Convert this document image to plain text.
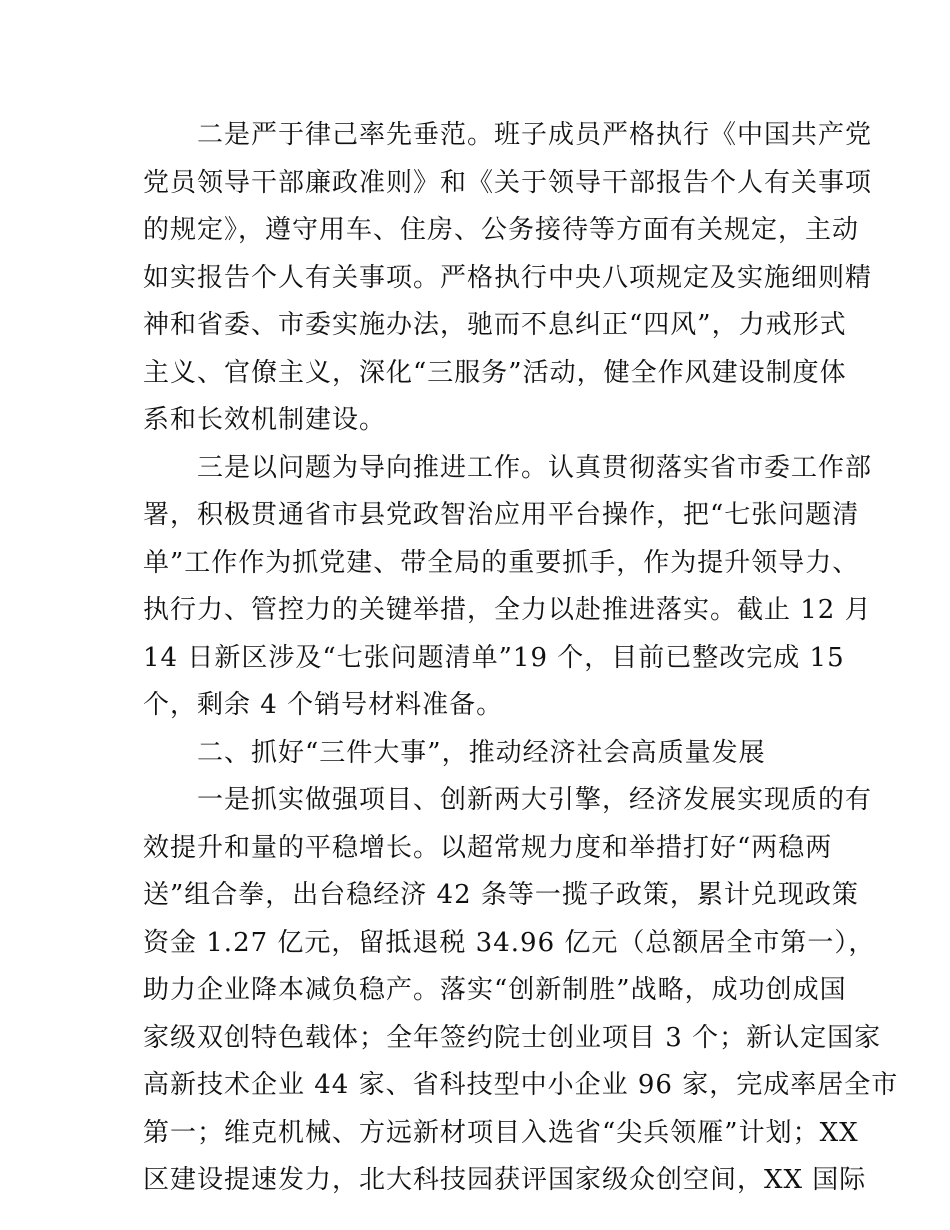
二是严于律己率先垂范。班子成员严格执行《中国共产党
党员领导干部廉政准则》和《关于领导干部报告个人有关事项
的规定》，遵守用车、住房、公务接待等方面有关规定，主动
如实报告个人有关事项。严格执行中央八项规定及实施细则精
神和省委、市委实施办法，驰而不息纠正“四风”，力戒形式
主义、官僚主义，深化“三服务”活动，健全作风建设制度体
系和长效机制建设。
三是以问题为导向推进工作。认真贯彻落实省市委工作部
署，积极贯通省市县党政智治应用平台操作，把“七张问题清
单”工作作为抓党建、带全局的重要抓手，作为提升领导力、
执行力、管控力的关键举措，全力以赴推进落实。截止 12 月
14 日新区涉及“七张问题清单”19 个，目前已整改完成 15
个，剩余 4 个销号材料准备。
二、抓好“三件大事”，推动经济社会高质量发展
一是抓实做强项目、创新两大引擎，经济发展实现质的有
效提升和量的平稳增长。以超常规力度和举措打好“两稳两
送”组合拳，出台稳经济 42 条等一揽子政策，累计兑现政策
资金 1.27 亿元，留抵退税 34.96 亿元（总额居全市第一），
助力企业降本减负稳产。落实“创新制胜”战略，成功创成国
家级双创特色载体；全年签约院士创业项目 3 个；新认定国家
高新技术企业 44 家、省科技型中小企业 96 家，完成率居全市
第一；维克机械、方远新材项目入选省“尖兵领雁”计划；XX
区建设提速发力，北大科技园获评国家级众创空间，XX 国际
